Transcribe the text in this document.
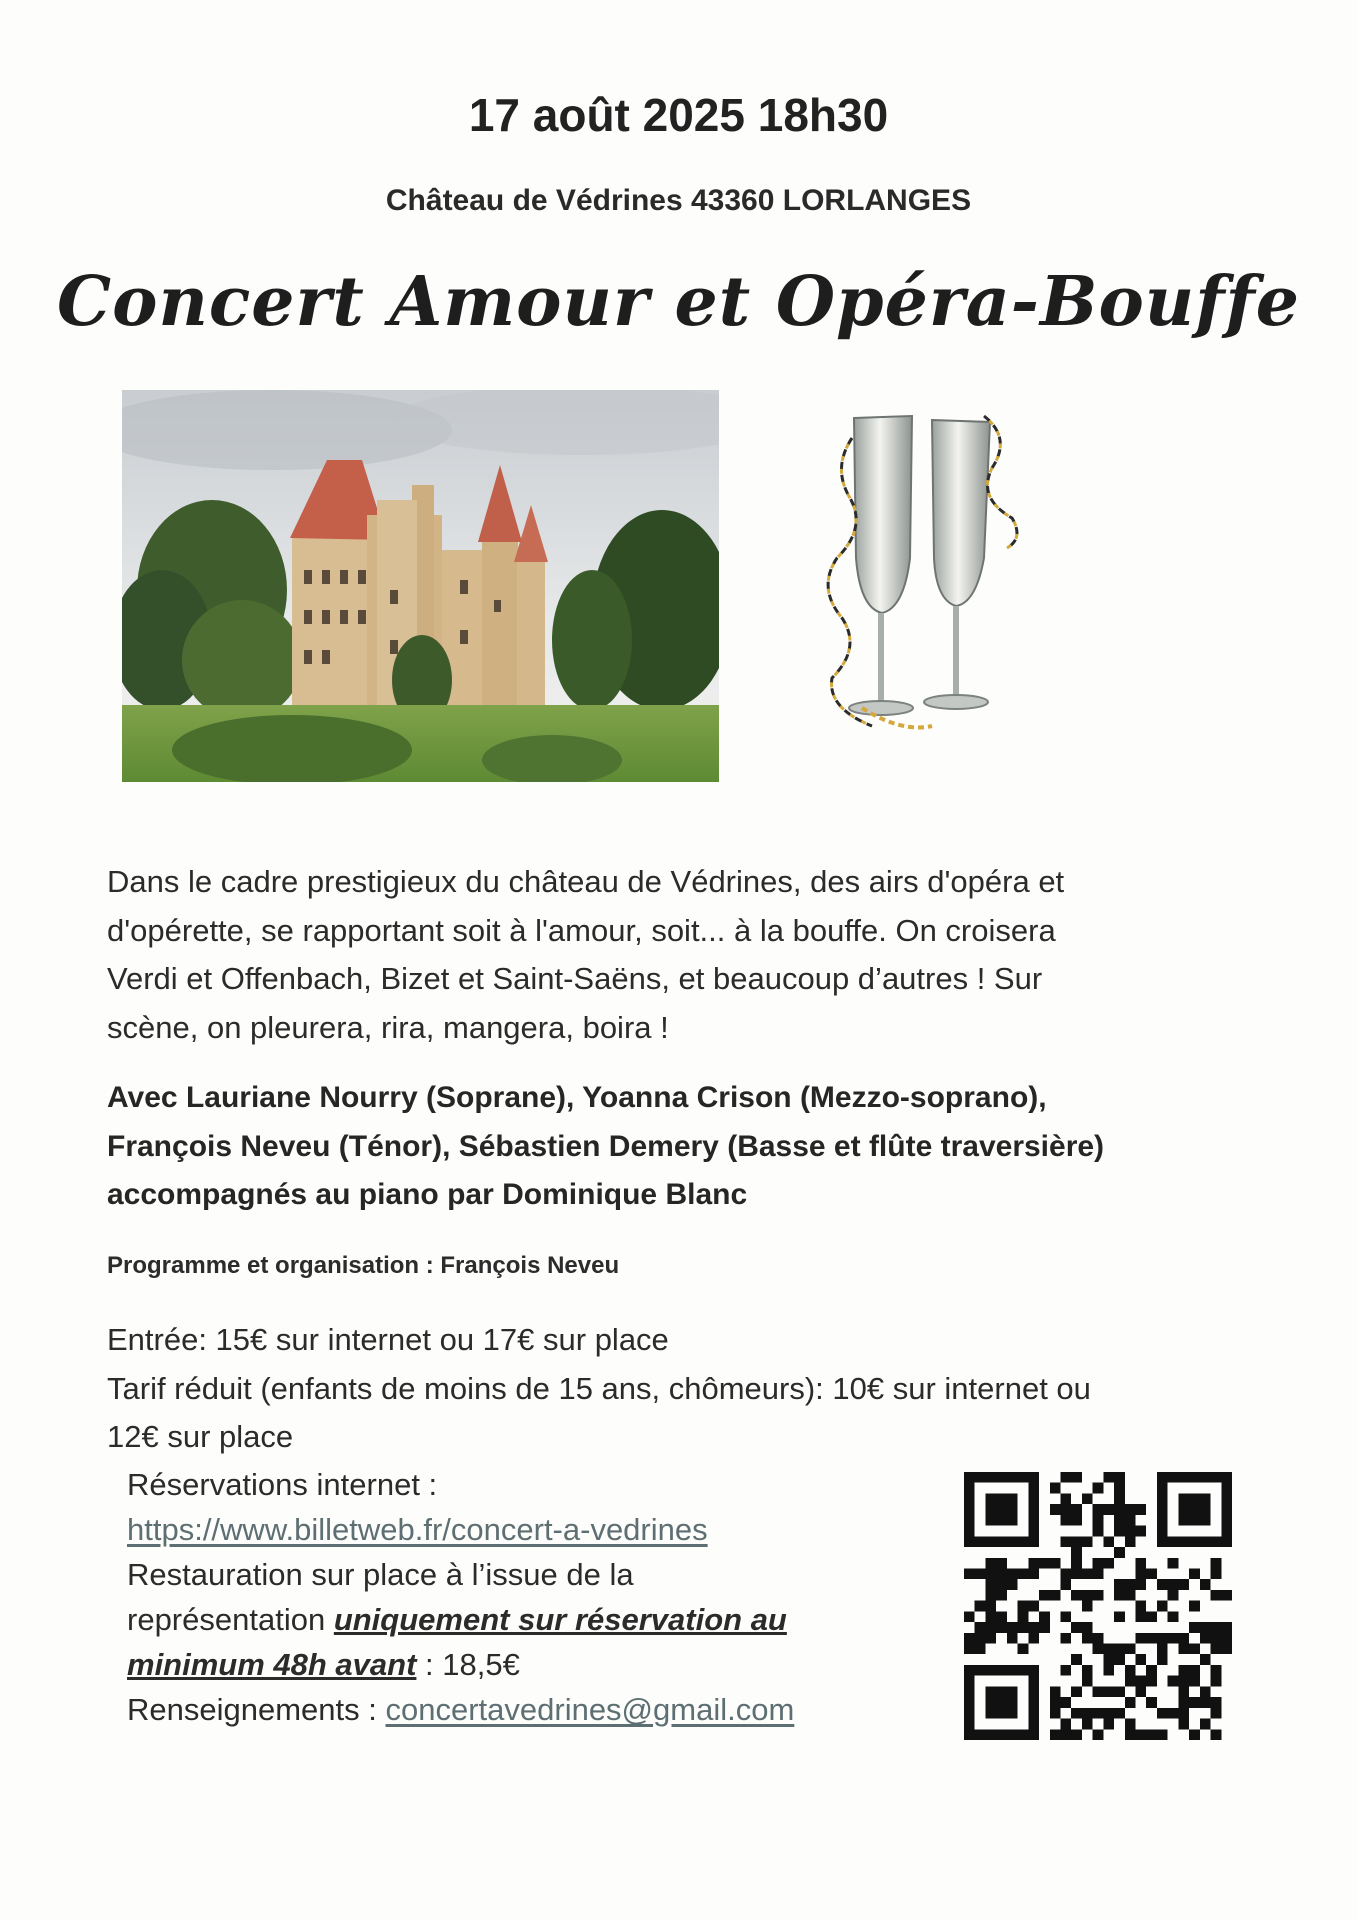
17 août 2025 18h30
Château de Védrines 43360 LORLANGES
Concert Amour et Opéra-Bouffe

Dans le cadre prestigieux du château de Védrines, des airs d'opéra et
d'opérette, se rapportant soit à l'amour, soit... à la bouffe. On croisera
Verdi et Offenbach, Bizet et Saint-Saëns, et beaucoup d’autres ! Sur
scène, on pleurera, rira, mangera, boira !

Avec Lauriane Nourry (Soprane), Yoanna Crison (Mezzo-soprano),
François Neveu (Ténor), Sébastien Demery (Basse et flûte traversière)
accompagnés au piano par Dominique Blanc

Programme et organisation : François Neveu

Entrée: 15€ sur internet ou 17€ sur place
Tarif réduit (enfants de moins de 15 ans, chômeurs): 10€ sur internet ou
12€ sur place

Réservations internet :
https://www.billetweb.fr/concert-a-vedrines
Restauration sur place à l’issue de la
représentation uniquement sur réservation au
minimum 48h avant : 18,5€
Renseignements : concertavedrines@gmail.com
